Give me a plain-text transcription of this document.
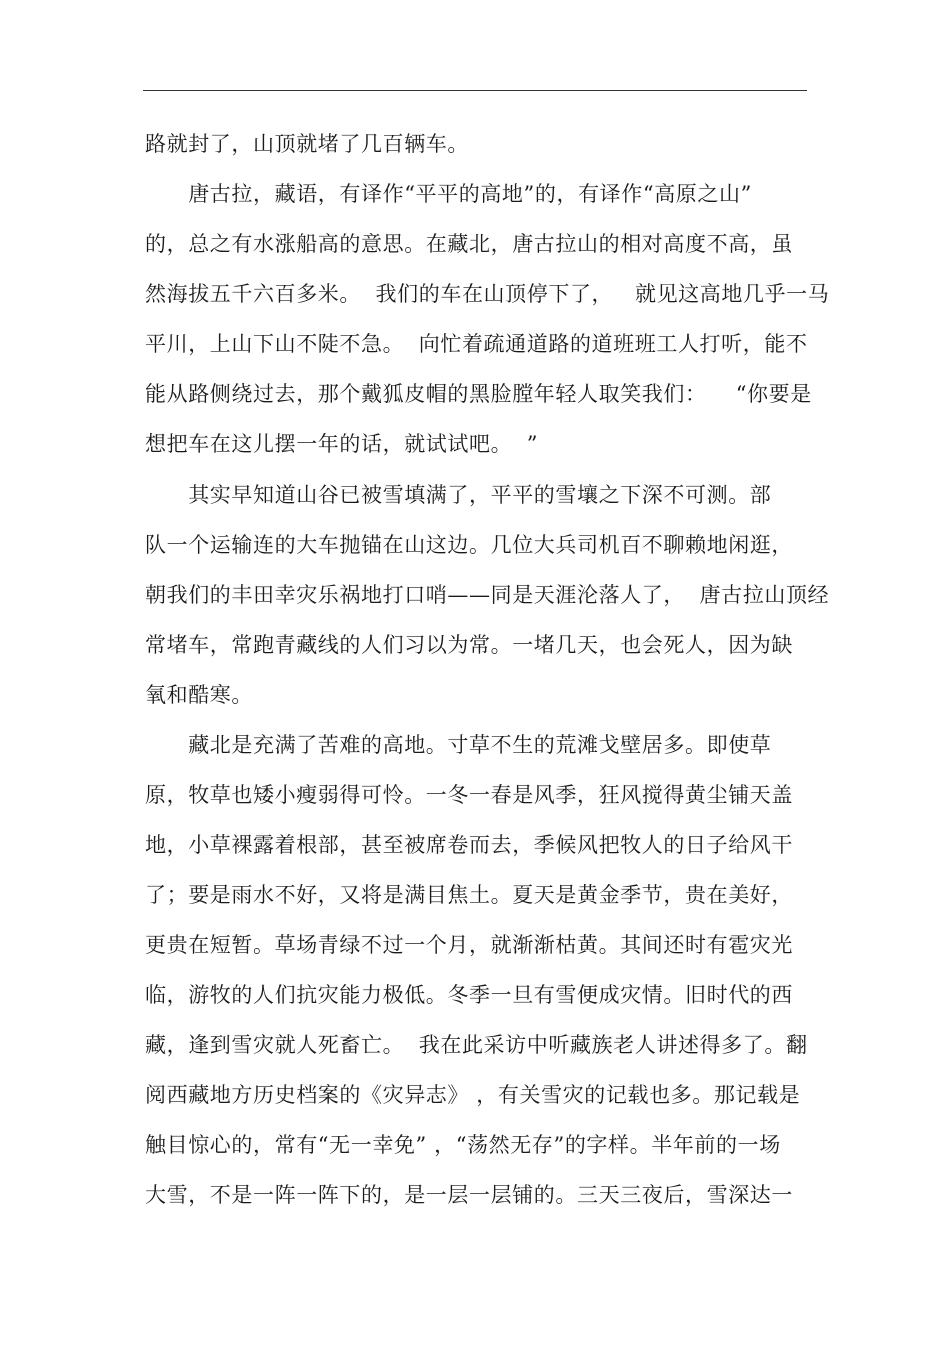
路就封了，山顶就堵了几百辆车。
　　唐古拉，藏语，有译作“平平的高地”的，有译作“高原之山”
的，总之有水涨船高的意思。在藏北，唐古拉山的相对高度不高，虽
然海拔五千六百多米。  我们的车在山顶停下了，   就见这高地几乎一马
平川，上山下山不陡不急。  向忙着疏通道路的道班班工人打听，能不
能从路侧绕过去，那个戴狐皮帽的黑脸膛年轻人取笑我们：    “你要是
想把车在这儿摆一年的话，就试试吧。  ”
　　其实早知道山谷已被雪填满了，平平的雪壤之下深不可测。部
队一个运输连的大车抛锚在山这边。几位大兵司机百不聊赖地闲逛，
朝我们的丰田幸灾乐祸地打口哨——同是天涯沦落人了，  唐古拉山顶经
常堵车，常跑青藏线的人们习以为常。一堵几天，也会死人，因为缺
氧和酷寒。
　　藏北是充满了苦难的高地。寸草不生的荒滩戈壁居多。即使草
原，牧草也矮小瘦弱得可怜。一冬一春是风季，狂风搅得黄尘铺天盖
地，小草裸露着根部，甚至被席卷而去，季候风把牧人的日子给风干
了；要是雨水不好，又将是满目焦土。夏天是黄金季节，贵在美好，
更贵在短暂。草场青绿不过一个月，就渐渐枯黄。其间还时有雹灾光
临，游牧的人们抗灾能力极低。冬季一旦有雪便成灾情。旧时代的西
藏，逢到雪灾就人死畜亡。  我在此采访中听藏族老人讲述得多了。翻
阅西藏地方历史档案的《灾异志》 ，有关雪灾的记载也多。那记载是
触目惊心的，常有“无一幸免” ，“荡然无存”的字样。半年前的一场
大雪，不是一阵一阵下的，是一层一层铺的。三天三夜后，雪深达一
